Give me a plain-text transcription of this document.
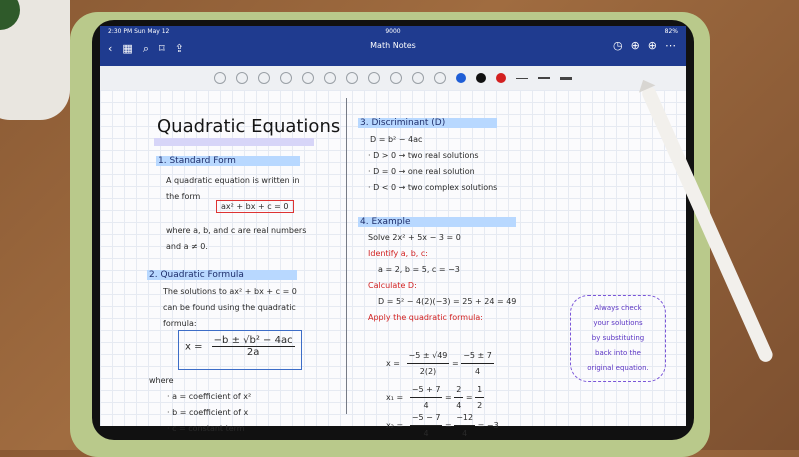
2:30 PM Sun May 12	9000	82%
‹ ▦ ⌕ ⌑ ⇪	Math Notes	◷ ⊕ ⊕ ⋯
Quadratic Equations
1. Standard Form
A quadratic equation is written in
the form
ax² + bx + c = 0
where a, b, and c are real numbers
and a ≠ 0.
2. Quadratic Formula
The solutions to ax² + bx + c = 0
can be found using the quadratic
formula:
$x = \frac{\text{−b ± √b² − 4ac}}{2a}$
where
· a = coefficient of x²
· b = coefficient of x
· c = constant term
3. Discriminant (D)
D = b² − 4ac
· D > 0 → two real solutions
· D = 0 → one real solution
· D < 0 → two complex solutions
4. Example
Solve 2x² + 5x − 3 = 0
Identify a, b, c:
a = 2, b = 5, c = −3
Calculate D:
D = 5² − 4(2)(−3) = 25 + 24 = 49
Apply the quadratic formula:
$x = \frac{-5 \pm √49}{2(2)} = \frac{-5 \pm 7}{4}$
$x_1 = \frac{-5 + 7}{4} = \frac{2}{4} = \frac{1}{2}$
$x_2 = \frac{-5 - 7}{4} = \frac{-12}{4} = -3$
Always check
your solutions
by substituting
back into the
original equation.
